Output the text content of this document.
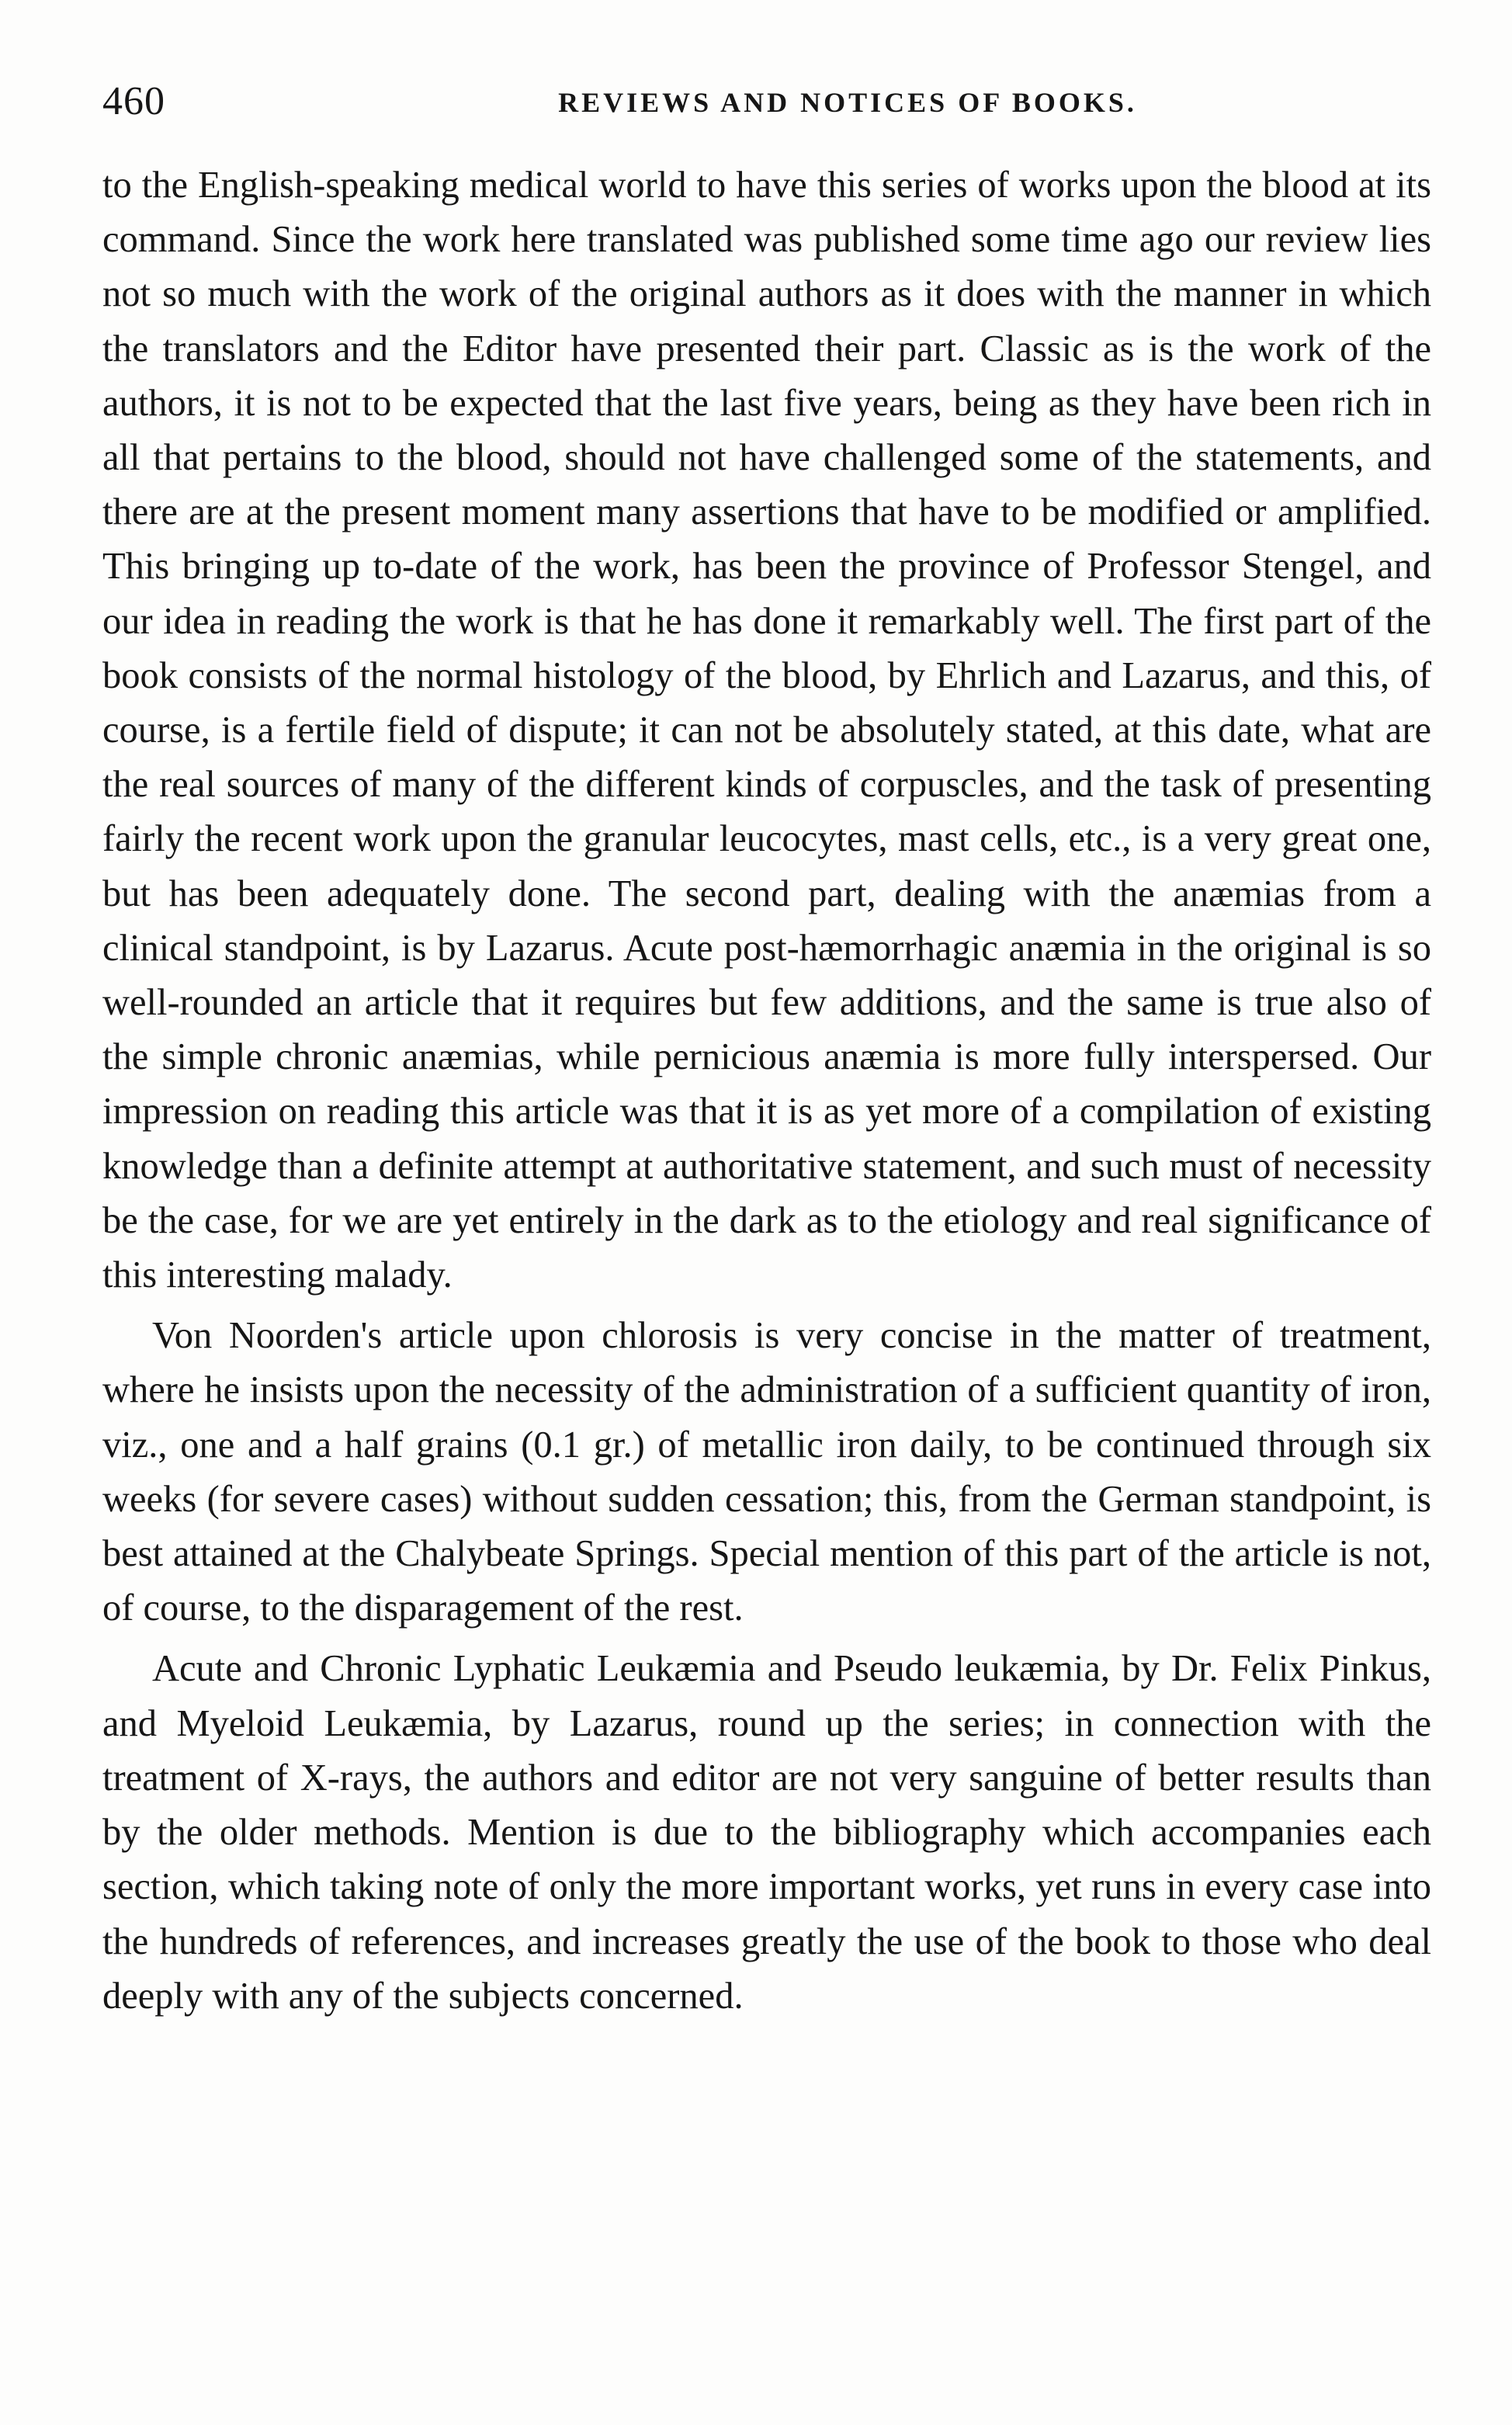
460	REVIEWS AND NOTICES OF BOOKS.

to the English-speaking medical world to have this series of works upon the blood at its command. Since the work here translated was published some time ago our review lies not so much with the work of the original authors as it does with the manner in which the translators and the Editor have presented their part. Classic as is the work of the authors, it is not to be expected that the last five years, being as they have been rich in all that pertains to the blood, should not have challenged some of the statements, and there are at the present moment many assertions that have to be modified or amplified. This bringing up to-date of the work, has been the province of Professor Stengel, and our idea in reading the work is that he has done it remarkably well. The first part of the book consists of the normal histology of the blood, by Ehrlich and Lazarus, and this, of course, is a fertile field of dispute; it can not be absolutely stated, at this date, what are the real sources of many of the different kinds of corpuscles, and the task of presenting fairly the recent work upon the granular leucocytes, mast cells, etc., is a very great one, but has been adequately done. The second part, dealing with the anæmias from a clinical standpoint, is by Lazarus. Acute post-hæmorrhagic anæmia in the original is so well-rounded an article that it requires but few additions, and the same is true also of the simple chronic anæmias, while pernicious anæmia is more fully interspersed. Our impression on reading this article was that it is as yet more of a compilation of existing knowledge than a definite attempt at authoritative statement, and such must of necessity be the case, for we are yet entirely in the dark as to the etiology and real significance of this interesting malady.

Von Noorden's article upon chlorosis is very concise in the matter of treatment, where he insists upon the necessity of the administration of a sufficient quantity of iron, viz., one and a half grains (0.1 gr.) of metallic iron daily, to be continued through six weeks (for severe cases) without sudden cessation; this, from the German standpoint, is best attained at the Chalybeate Springs. Special mention of this part of the article is not, of course, to the disparagement of the rest.

Acute and Chronic Lyphatic Leukæmia and Pseudo leukæmia, by Dr. Felix Pinkus, and Myeloid Leukæmia, by Lazarus, round up the series; in connection with the treatment of X-rays, the authors and editor are not very sanguine of better results than by the older methods. Mention is due to the bibliography which accompanies each section, which taking note of only the more important works, yet runs in every case into the hundreds of references, and increases greatly the use of the book to those who deal deeply with any of the subjects concerned.
